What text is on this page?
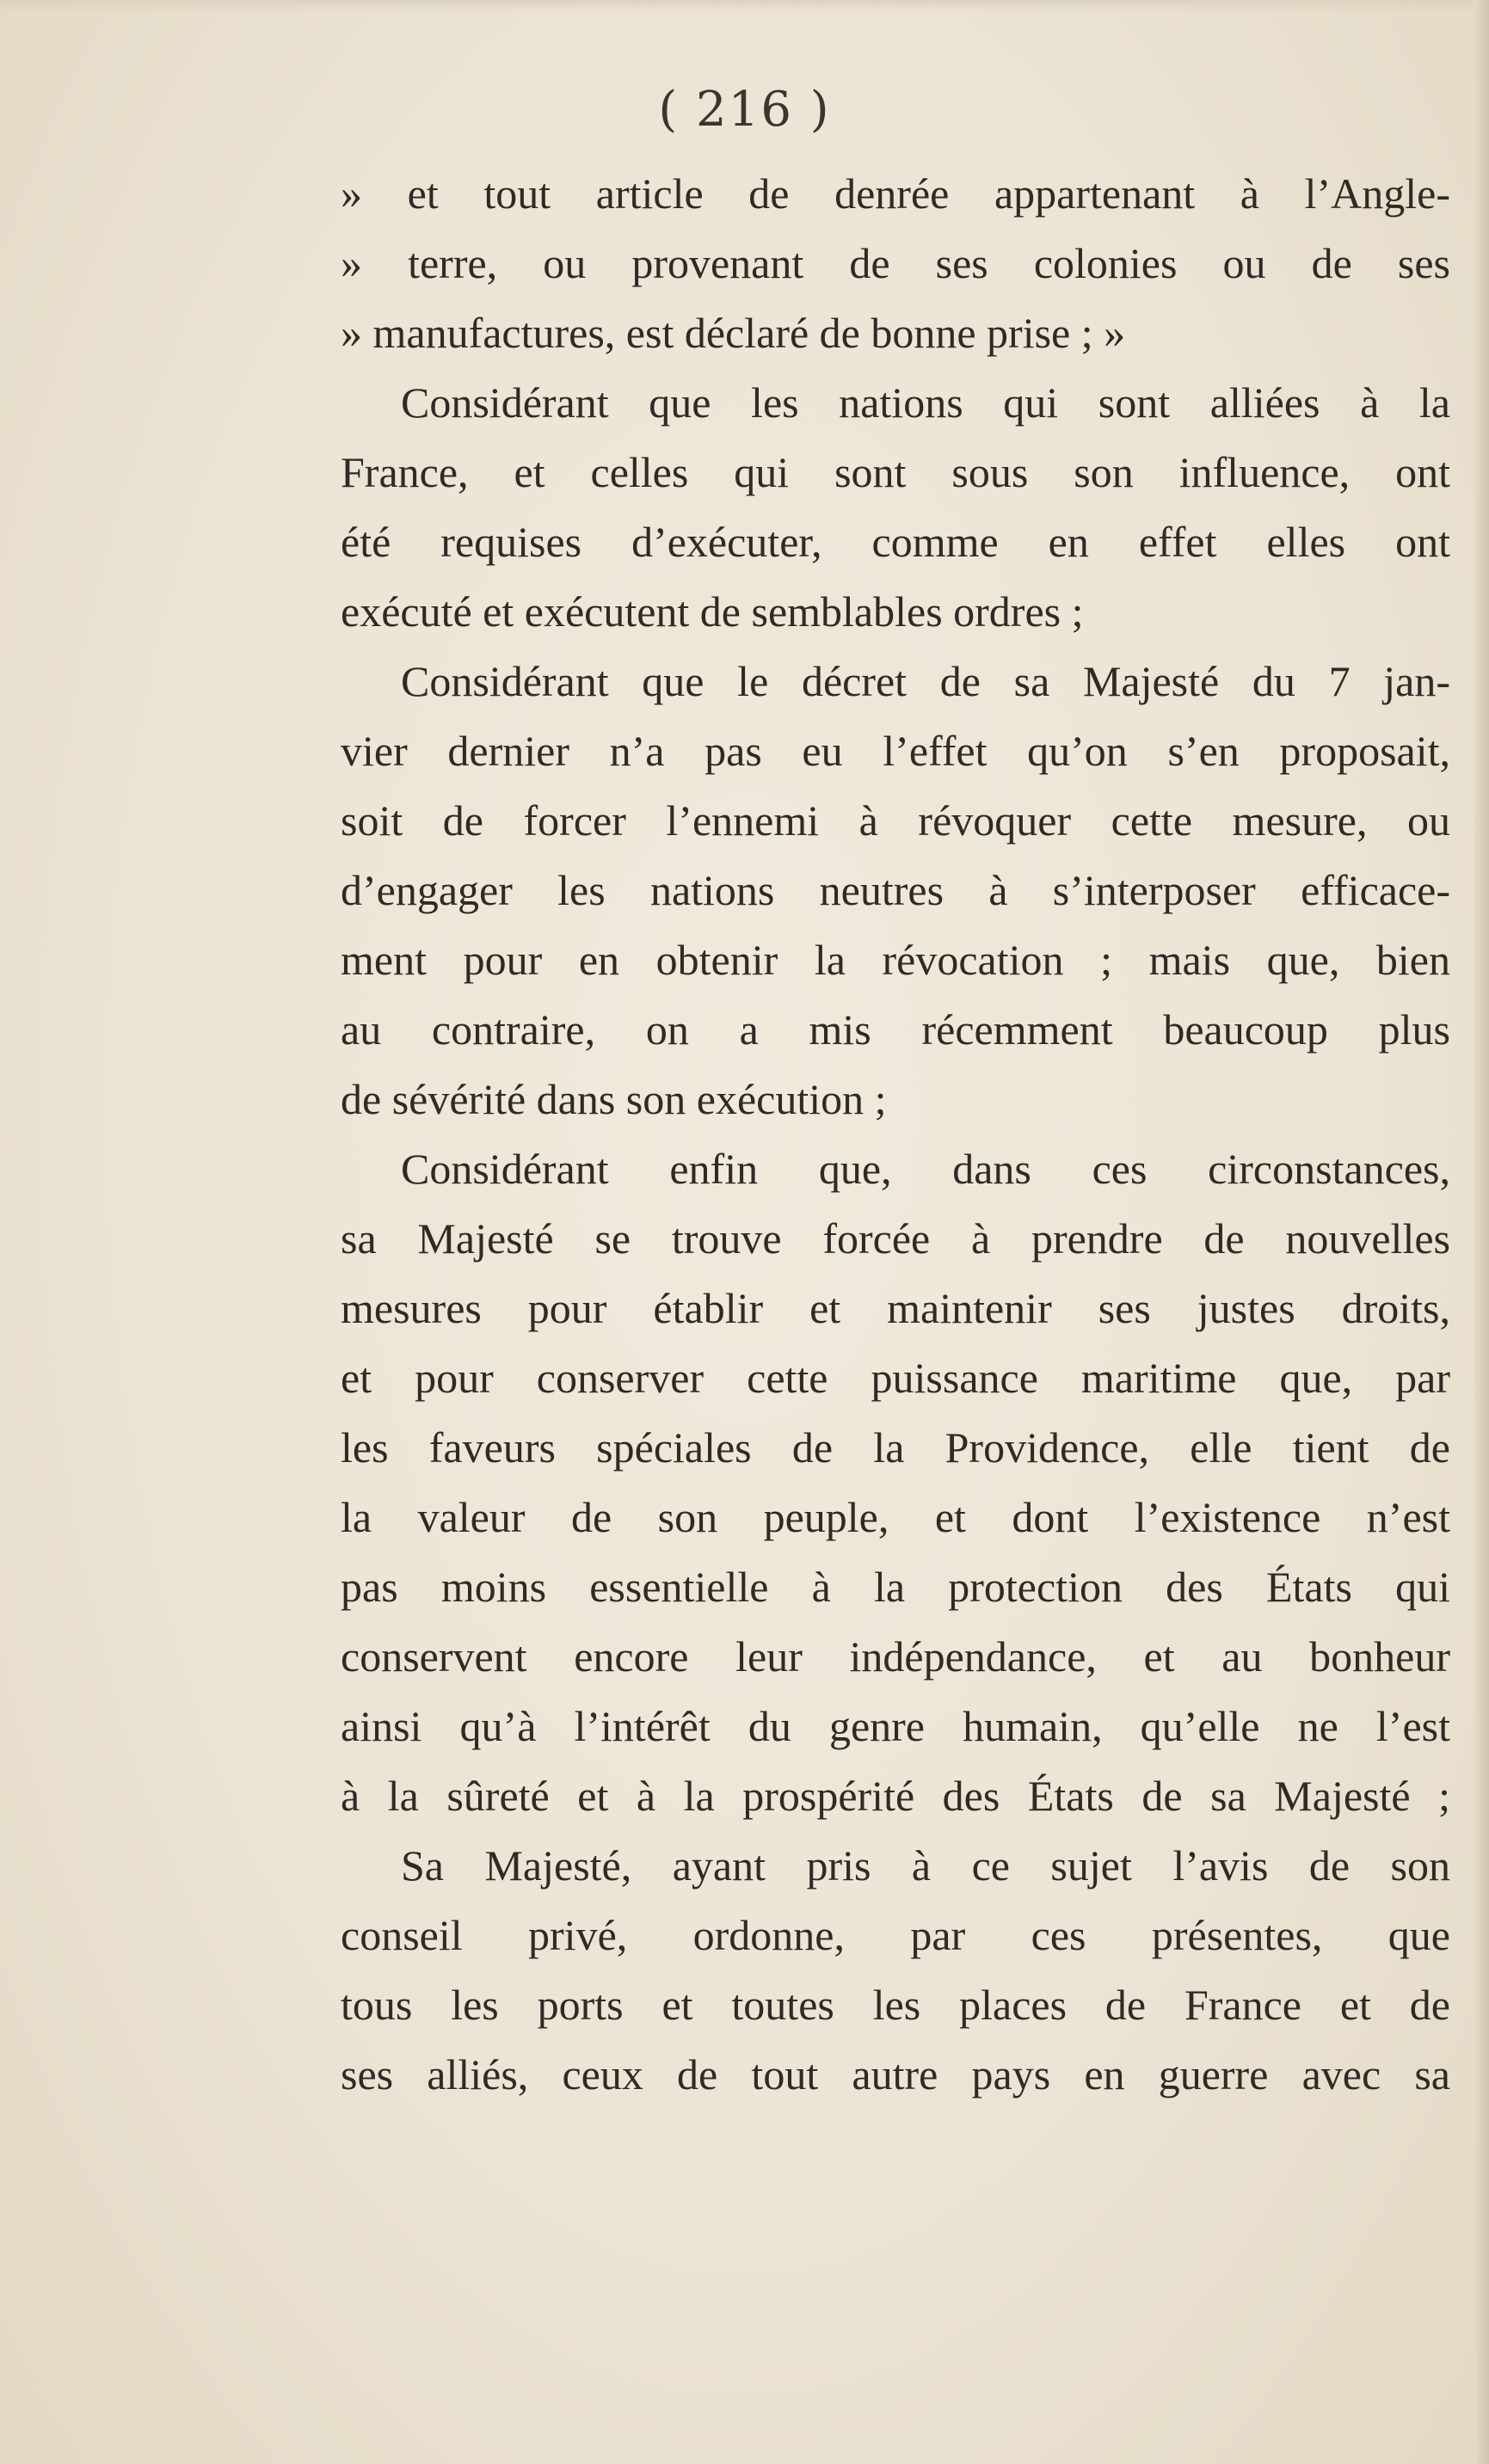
( 216 )
» et tout article de denrée appartenant à l’Angle-
» terre, ou provenant de ses colonies ou de ses
» manufactures, est déclaré de bonne prise ; »
Considérant que les nations qui sont alliées à la
France, et celles qui sont sous son influence, ont
été requises d’exécuter, comme en effet elles ont
exécuté et exécutent de semblables ordres ;
Considérant que le décret de sa Majesté du 7 jan-
vier dernier n’a pas eu l’effet qu’on s’en proposait,
soit de forcer l’ennemi à révoquer cette mesure, ou
d’engager les nations neutres à s’interposer efficace-
ment pour en obtenir la révocation ; mais que, bien
au contraire, on a mis récemment beaucoup plus
de sévérité dans son exécution ;
Considérant enfin que, dans ces circonstances,
sa Majesté se trouve forcée à prendre de nouvelles
mesures pour établir et maintenir ses justes droits,
et pour conserver cette puissance maritime que, par
les faveurs spéciales de la Providence, elle tient de
la valeur de son peuple, et dont l’existence n’est
pas moins essentielle à la protection des États qui
conservent encore leur indépendance, et au bonheur
ainsi qu’à l’intérêt du genre humain, qu’elle ne l’est
à la sûreté et à la prospérité des États de sa Majesté ;
Sa Majesté, ayant pris à ce sujet l’avis de son
conseil privé, ordonne, par ces présentes, que
tous les ports et toutes les places de France et de
ses alliés, ceux de tout autre pays en guerre avec sa
